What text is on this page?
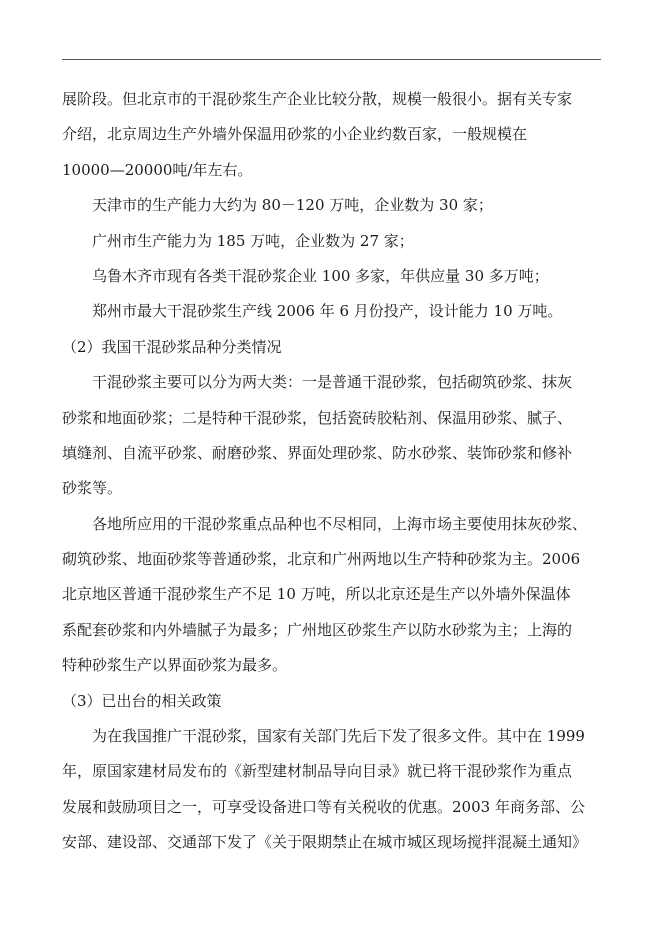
展阶段。但北京市的干混砂浆生产企业比较分散，规模一般很小。据有关专家
介绍，北京周边生产外墙外保温用砂浆的小企业约数百家，一般规模在
10000—20000吨/年左右。
天津市的生产能力大约为 80－120 万吨，企业数为 30 家；
广州市生产能力为 185 万吨，企业数为 27 家；
乌鲁木齐市现有各类干混砂浆企业 100 多家，年供应量 30 多万吨；
郑州市最大干混砂浆生产线 2006 年 6 月份投产，设计能力 10 万吨。
（2）我国干混砂浆品种分类情况
干混砂浆主要可以分为两大类：一是普通干混砂浆，包括砌筑砂浆、抹灰
砂浆和地面砂浆；二是特种干混砂浆，包括瓷砖胶粘剂、保温用砂浆、腻子、
填缝剂、自流平砂浆、耐磨砂浆、界面处理砂浆、防水砂浆、装饰砂浆和修补
砂浆等。
各地所应用的干混砂浆重点品种也不尽相同，上海市场主要使用抹灰砂浆、
砌筑砂浆、地面砂浆等普通砂浆，北京和广州两地以生产特种砂浆为主。2006
北京地区普通干混砂浆生产不足 10 万吨，所以北京还是生产以外墙外保温体
系配套砂浆和内外墙腻子为最多；广州地区砂浆生产以防水砂浆为主；上海的
特种砂浆生产以界面砂浆为最多。
（3）已出台的相关政策
为在我国推广干混砂浆，国家有关部门先后下发了很多文件。其中在 1999
年，原国家建材局发布的《新型建材制品导向目录》就已将干混砂浆作为重点
发展和鼓励项目之一，可享受设备进口等有关税收的优惠。2003 年商务部、公
安部、建设部、交通部下发了《关于限期禁止在城市城区现场搅拌混凝土通知》
